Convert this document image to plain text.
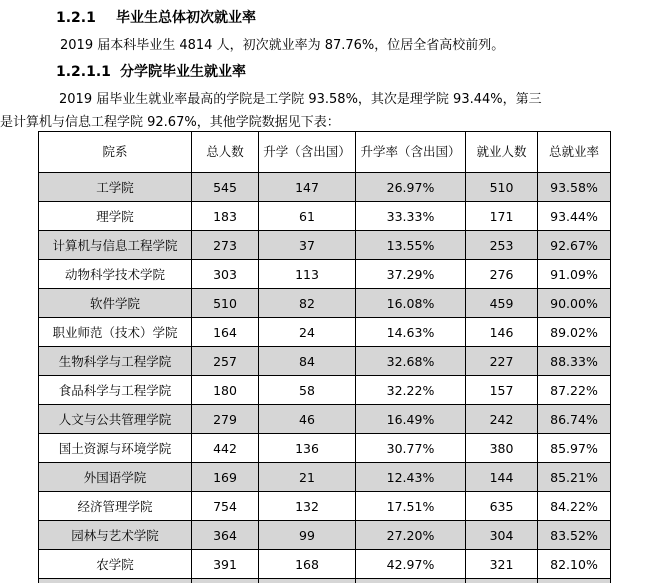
1.2.1 毕业生总体初次就业率
2019 届本科毕业生 4814 人，初次就业率为 87.76%，位居全省高校前列。
1.2.1.1 分学院毕业生就业率
2019 届毕业生就业率最高的学院是工学院 93.58%，其次是理学院 93.44%，第三
是计算机与信息工程学院 92.67%，其他学院数据见下表：
院系	总人数	升学（含出国）	升学率（含出国）	就业人数	总就业率
工学院	545	147	26.97%	510	93.58%
理学院	183	61	33.33%	171	93.44%
计算机与信息工程学院	273	37	13.55%	253	92.67%
动物科学技术学院	303	113	37.29%	276	91.09%
软件学院	510	82	16.08%	459	90.00%
职业师范（技术）学院	164	24	14.63%	146	89.02%
生物科学与工程学院	257	84	32.68%	227	88.33%
食品科学与工程学院	180	58	32.22%	157	87.22%
人文与公共管理学院	279	46	16.49%	242	86.74%
国土资源与环境学院	442	136	30.77%	380	85.97%
外国语学院	169	21	12.43%	144	85.21%
经济管理学院	754	132	17.51%	635	84.22%
园林与艺术学院	364	99	27.20%	304	83.52%
农学院	391	168	42.97%	321	82.10%
